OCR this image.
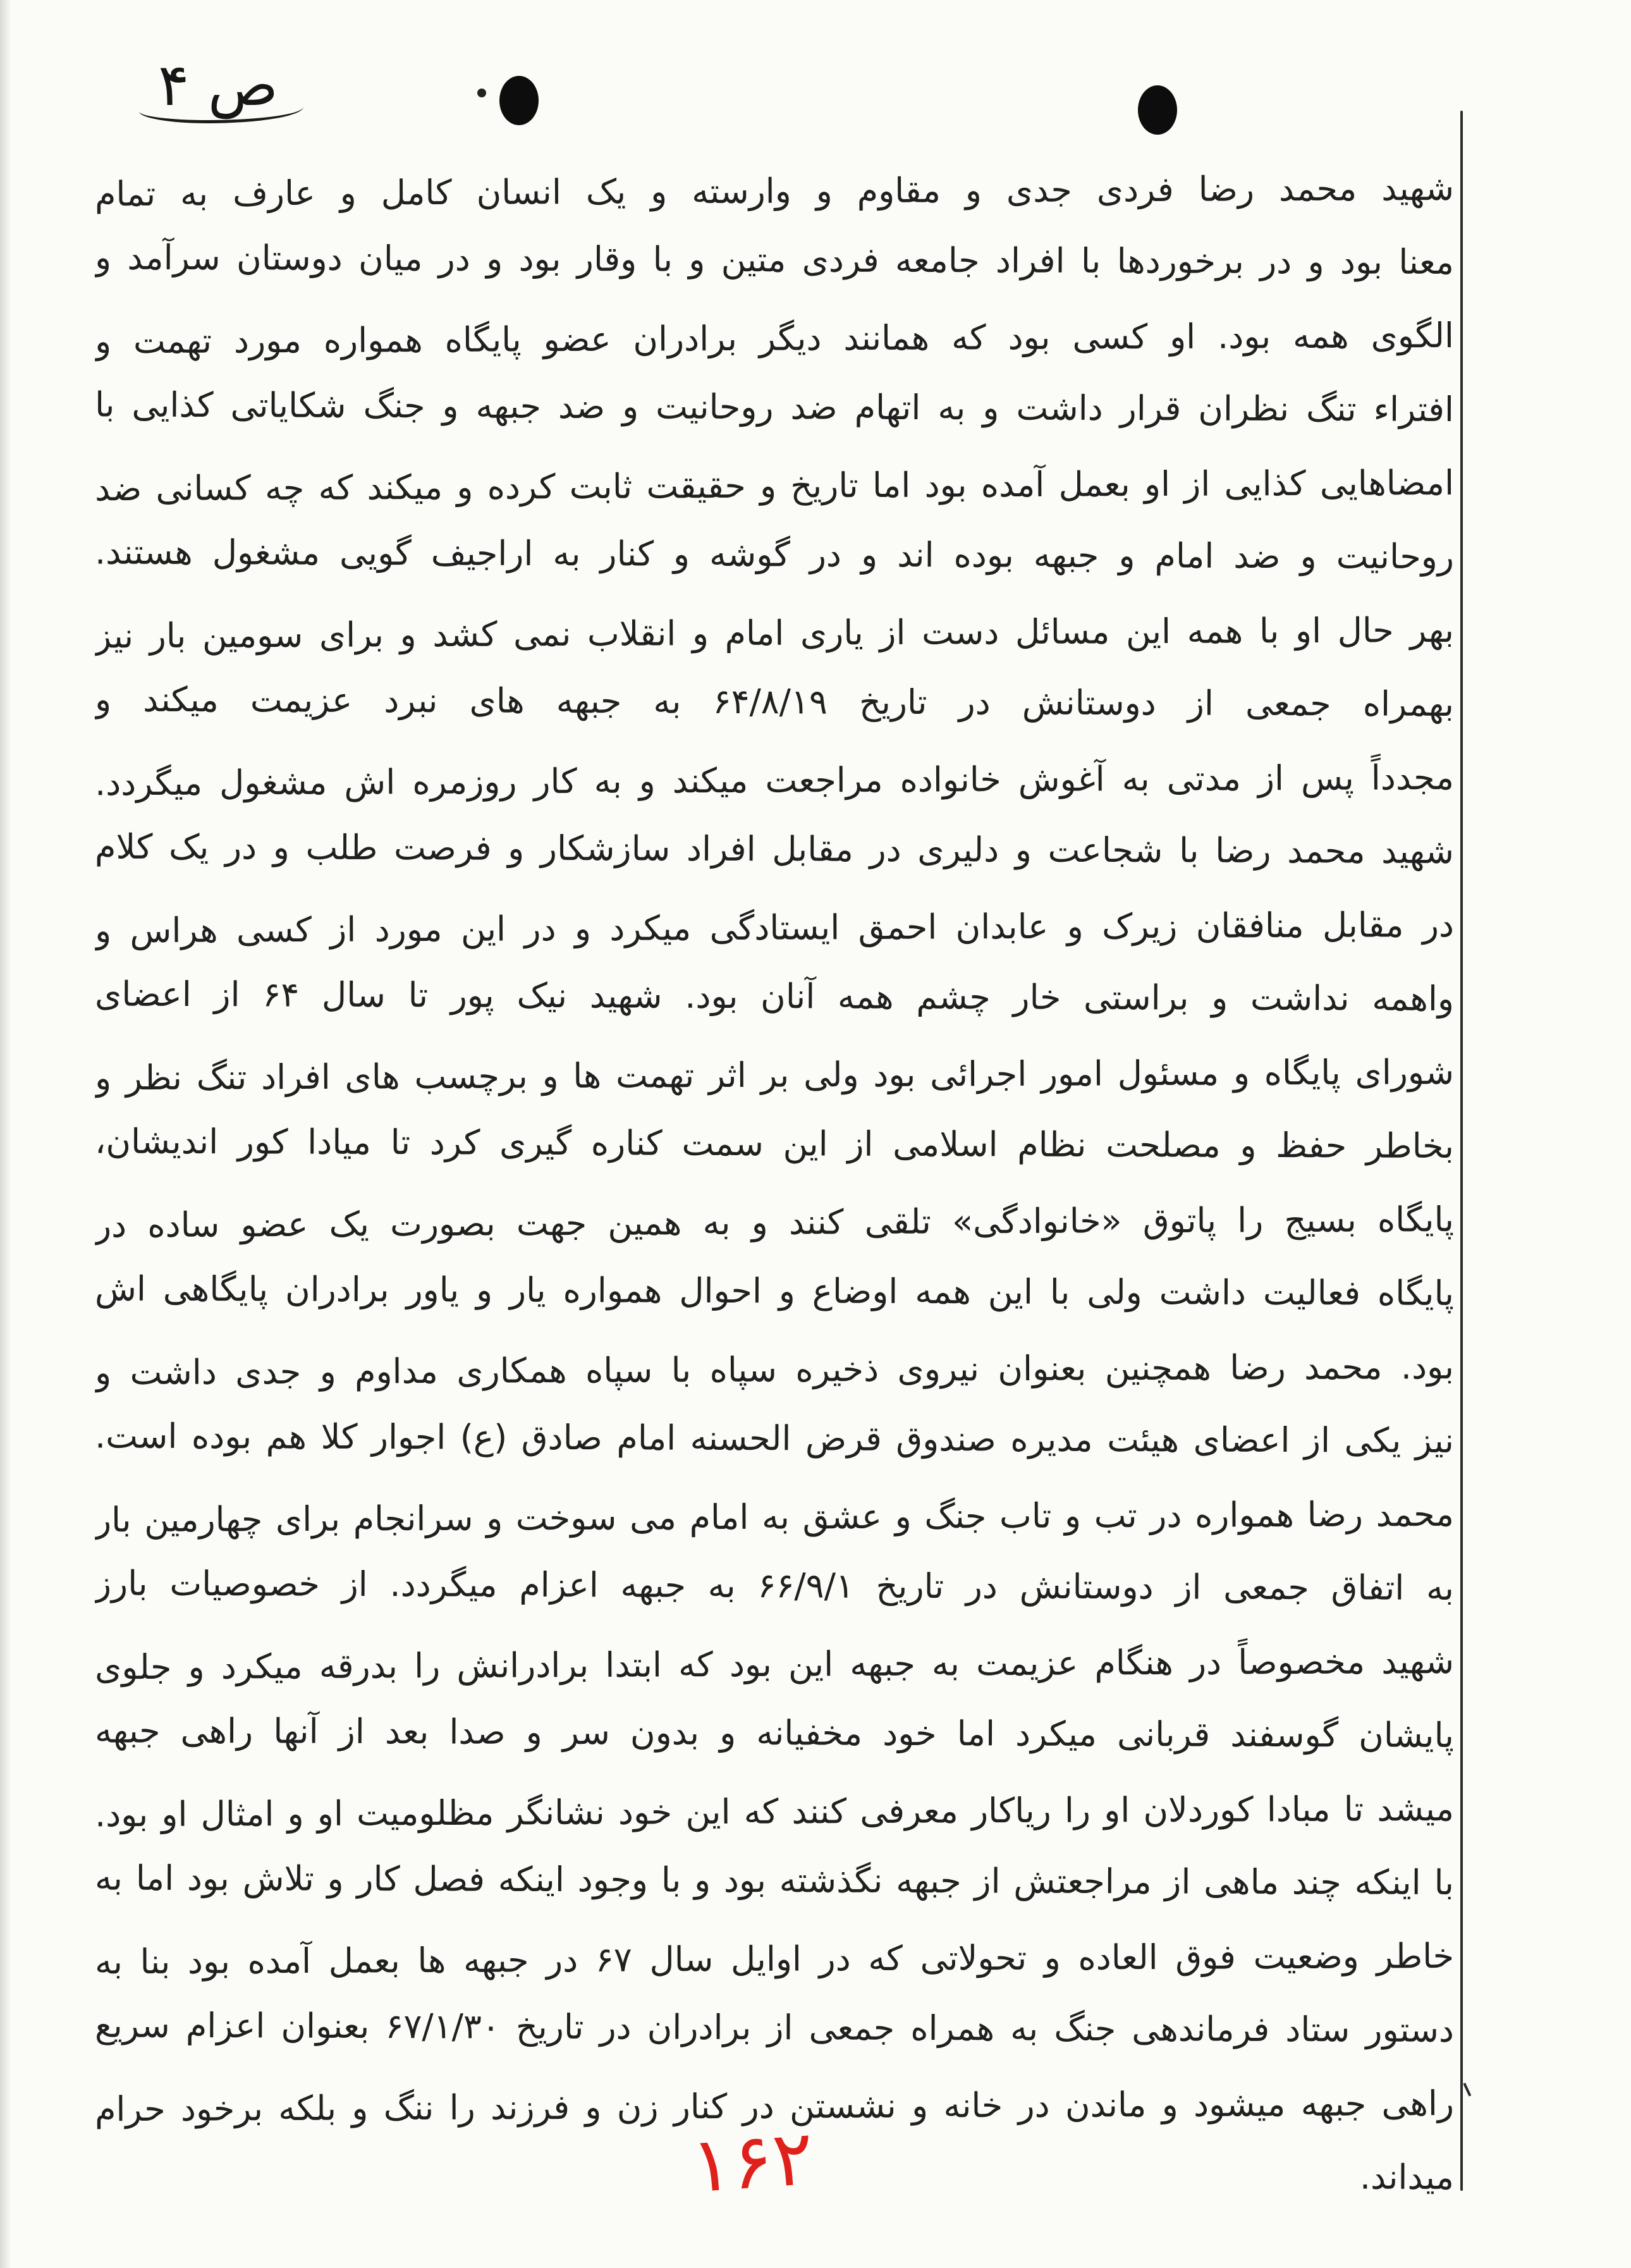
ص ۴
شهید محمد رضا فردی جدی و مقاوم و وارسته و یک انسان کامل و عارف به تمام
معنا بود و در برخوردها با افراد جامعه فردی متین و با وقار بود و در میان دوستان سرآمد و
الگوی همه بود. او کسی بود که همانند دیگر برادران عضو پایگاه همواره مورد تهمت و
افتراء تنگ نظران قرار داشت و به اتهام ضد روحانیت و ضد جبهه و جنگ شکایاتی کذایی با
امضاهایی کذایی از او بعمل آمده بود اما تاریخ و حقیقت ثابت کرده و میکند که چه کسانی ضد
روحانیت و ضد امام و جبهه بوده اند و در گوشه و کنار به اراجیف گویی مشغول هستند.
بهر حال او با همه این مسائل دست از یاری امام و انقلاب نمی کشد و برای سومین بار نیز
بهمراه جمعی از دوستانش در تاریخ ۶۴/۸/۱۹ به جبهه های نبرد عزیمت میکند و
مجدداً پس از مدتی به آغوش خانواده مراجعت میکند و به کار روزمره اش مشغول میگردد.
شهید محمد رضا با شجاعت و دلیری در مقابل افراد سازشکار و فرصت طلب و در یک کلام
در مقابل منافقان زیرک و عابدان احمق ایستادگی میکرد و در این مورد از کسی هراس و
واهمه نداشت و براستی خار چشم همه آنان بود. شهید نیک پور تا سال ۶۴ از اعضای
شورای پایگاه و مسئول امور اجرائی بود ولی بر اثر تهمت ها و برچسب های افراد تنگ نظر و
بخاطر حفظ و مصلحت نظام اسلامی از این سمت کناره گیری کرد تا میادا کور اندیشان،
پایگاه بسیج را پاتوق «خانوادگی» تلقی کنند و به همین جهت بصورت یک عضو ساده در
پایگاه فعالیت داشت ولی با این همه اوضاع و احوال همواره یار و یاور برادران پایگاهی اش
بود. محمد رضا همچنین بعنوان نیروی ذخیره سپاه با سپاه همکاری مداوم و جدی داشت و
نیز یکی از اعضای هیئت مدیره صندوق قرض الحسنه امام صادق (ع) اجوار کلا هم بوده است.
محمد رضا همواره در تب و تاب جنگ و عشق به امام می سوخت و سرانجام برای چهارمین بار
به اتفاق جمعی از دوستانش در تاریخ ۶۶/۹/۱ به جبهه اعزام میگردد. از خصوصیات بارز
شهید مخصوصاً در هنگام عزیمت به جبهه این بود که ابتدا برادرانش را بدرقه میکرد و جلوی
پایشان گوسفند قربانی میکرد اما خود مخفیانه و بدون سر و صدا بعد از آنها راهی جبهه
میشد تا مبادا کوردلان او را ریاکار معرفی کنند که این خود نشانگر مظلومیت او و امثال او بود.
با اینکه چند ماهی از مراجعتش از جبهه نگذشته بود و با وجود اینکه فصل کار و تلاش بود اما به
خاطر وضعیت فوق العاده و تحولاتی که در اوایل سال ۶۷ در جبهه ها بعمل آمده بود بنا به
دستور ستاد فرماندهی جنگ به همراه جمعی از برادران در تاریخ ۶۷/۱/۳۰ بعنوان اعزام سریع
راهی جبهه میشود و ماندن در خانه و نشستن در کنار زن و فرزند را ننگ و بلکه برخود حرام
میداند.
۱۶۲
